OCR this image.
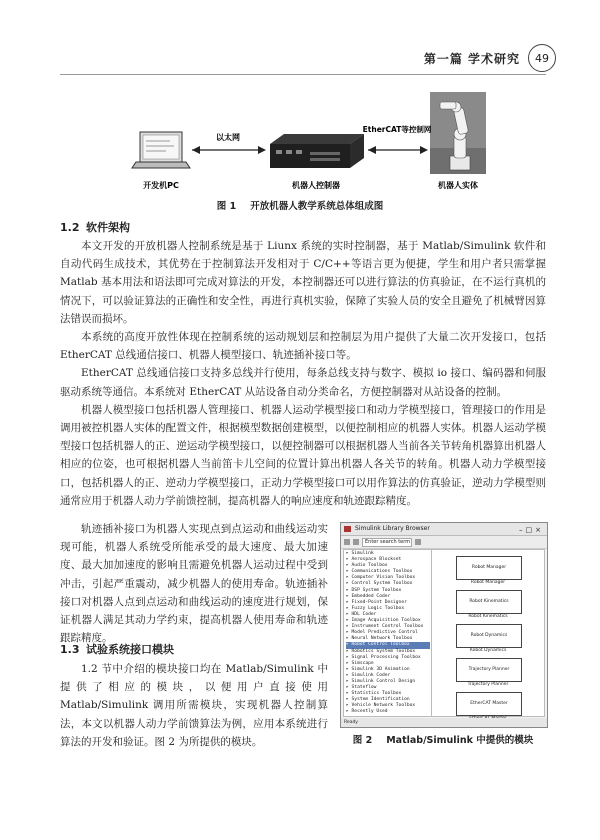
第一篇 学术研究	49
开发机PC	机器人控制器	机器人实体
以太网
EtherCAT等控制网
图 1 开放机器人教学系统总体组成图
1.2 软件架构

本文开发的开放机器人控制系统是基于 Liunx 系统的实时控制器，基于 Matlab/Simulink 软件和自动代码生成技术，其优势在于控制算法开发相对于 C/C++等语言更为便捷，学生和用户者只需掌握 Matlab 基本用法和语法即可完成对算法的开发，本控制器还可以进行算法的仿真验证，在不运行真机的情况下，可以验证算法的正确性和安全性，再进行真机实验，保障了实验人员的安全且避免了机械臂因算法错误而损坏。

本系统的高度开放性体现在控制系统的运动规划层和控制层为用户提供了大量二次开发接口，包括 EtherCAT 总线通信接口、机器人模型接口、轨迹插补接口等。

EtherCAT 总线通信接口支持多总线并行使用，每条总线支持与数字、模拟 io 接口、编码器和伺服驱动系统等通信。本系统对 EtherCAT 从站设备自动分类命名，方便控制器对从站设备的控制。

机器人模型接口包括机器人管理接口、机器人运动学模型接口和动力学模型接口，管理接口的作用是调用被控机器人实体的配置文件，根据模型数据创建模型，以便控制相应的机器人实体。机器人运动学模型接口包括机器人的正、逆运动学模型接口，以便控制器可以根据机器人当前各关节转角机器算出机器人相应的位姿，也可根据机器人当前笛卡儿空间的位置计算出机器人各关节的转角。机器人动力学模型接口，包括机器人的正、逆动力学模型接口，正动力学模型接口可以用作算法的仿真验证，逆动力学模型则通常应用于机器人动力学前馈控制，提高机器人的响应速度和轨迹跟踪精度。

轨迹插补接口为机器人实现点到点运动和曲线运动实现可能，机器人系统受所能承受的最大速度、最大加速度、最大加加速度的影响且需避免机器人运动过程中受到冲击，引起严重震动，减少机器人的使用寿命。轨迹插补接口对机器人点到点运动和曲线运动的速度进行规划，保证机器人满足其动力学约束，提高机器人使用寿命和轨迹跟踪精度。

1.3 试验系统接口模块

1.2 节中介绍的模块接口均在 Matlab/Simulink 中提供了相应的模块，以便用户直接使用 Matlab/Simulink 调用所需模块，实现机器人控制算法，本文以机器人动力学前馈算法为例，应用本系统进行算法的开发和验证。图 2 为所提供的模块。

Simulink Library Browser	–□×
Enter search term
▸ Simulink
▸ Aerospace Blockset
▸ Audio Toolbox
▸ Communications Toolbox
▸ Computer Vision Toolbox
▸ Control System Toolbox
▸ DSP System Toolbox
▸ Embedded Coder
▸ Fixed-Point Designer
▸ Fuzzy Logic Toolbox
▸ HDL Coder
▸ Image Acquisition Toolbox
▸ Instrument Control Toolbox
▸ Model Predictive Control
▸ Neural Network Toolbox
▸ Robot Control Toolbox
▸ Robotics System Toolbox
▸ Signal Processing Toolbox
▸ Simscape
▸ Simulink 3D Animation
▸ Simulink Coder
▸ Simulink Control Design
▸ Stateflow
▸ Statistics Toolbox
▸ System Identification
▸ Vehicle Network Toolbox
▸ Recently Used
Robot Manager
Robot Manager
Robot Kinematics
Robot Kinematics
Robot Dynamics
Robot Dynamics
Trajectory Planner
Trajectory Planner
EtherCAT Master
Ready
图 2 Matlab/Simulink 中提供的模块
